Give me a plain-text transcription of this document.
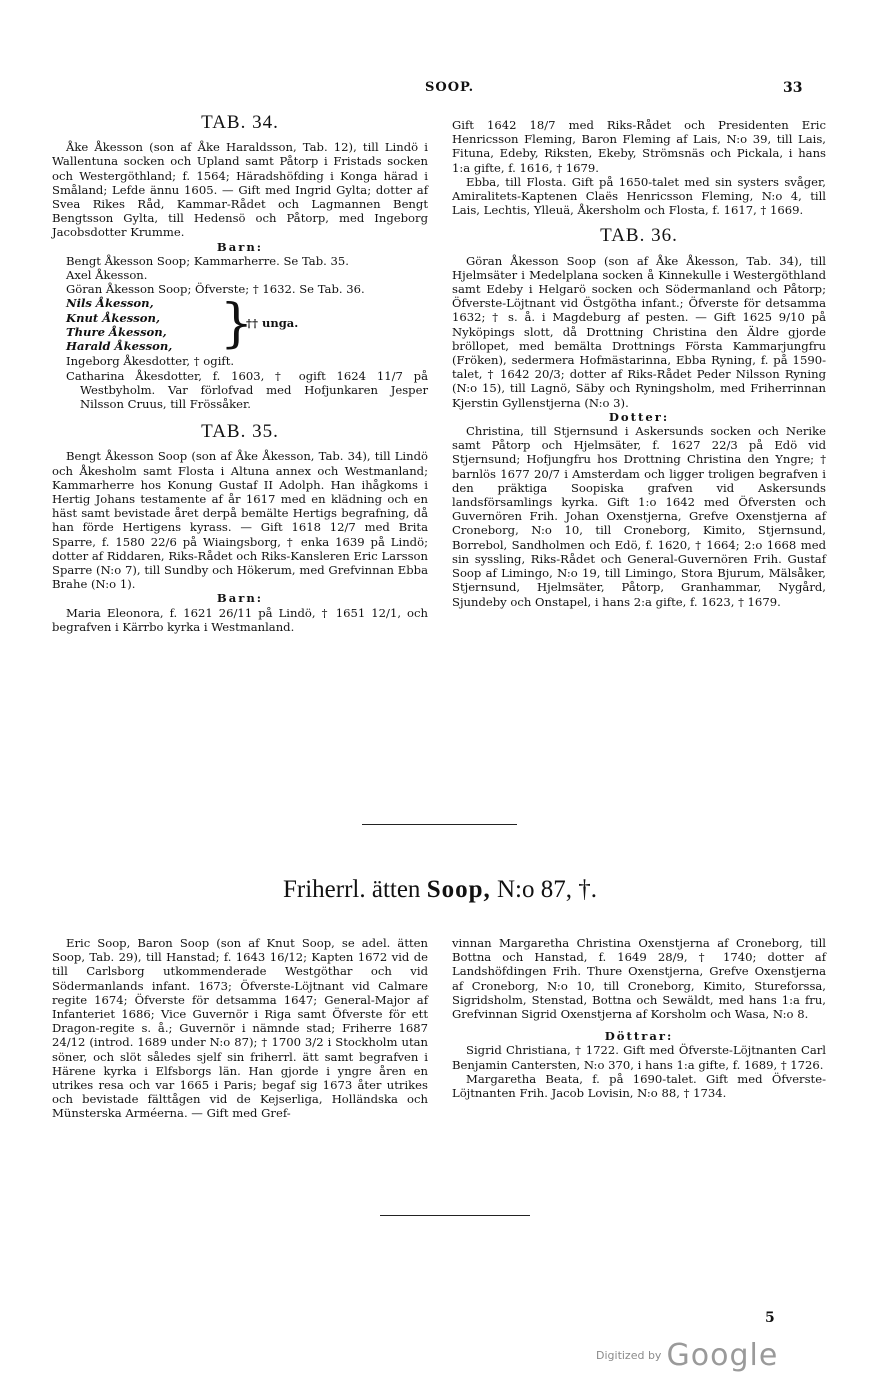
SOOP.	33
TAB. 34.

Åke Åkesson (son af Åke Haraldsson, Tab. 12), till Lindö i Wallentuna socken och Upland samt Påtorp i Fristads socken och Westergöthland; f. 1564; Häradshöfding i Konga härad i Småland; Lefde ännu 1605. — Gift med Ingrid Gylta; dotter af Svea Rikes Råd, Kammar-Rådet och Lagmannen Bengt Bengtsson Gylta, till Hedensö och Påtorp, med Ingeborg Jacobsdotter Krumme.

Barn:

Bengt Åkesson Soop; Kammarherre. Se Tab. 35.

Axel Åkesson.

Göran Åkesson Soop; Öfverste; † 1632. Se Tab. 36.

Nils Åkesson,
Knut Åkesson,
Thure Åkesson,
Harald Åkesson, }
†† unga.

Ingeborg Åkesdotter, † ogift.

Catharina Åkesdotter, f. 1603, † ogift 1624 11/7 på Westbyholm. Var förlofvad med Hofjunkaren Jesper Nilsson Cruus, till Frössåker.

TAB. 35.

Bengt Åkesson Soop (son af Åke Åkesson, Tab. 34), till Lindö och Åkesholm samt Flosta i Altuna annex och Westmanland; Kammarherre hos Konung Gustaf II Adolph. Han ihågkoms i Hertig Johans testamente af år 1617 med en klädning och en häst samt bevistade året derpå bemälte Hertigs begrafning, då han förde Hertigens kyrass. — Gift 1618 12/7 med Brita Sparre, f. 1580 22/6 på Wiaingsborg, † enka 1639 på Lindö; dotter af Riddaren, Riks-Rådet och Riks-Kansleren Eric Larsson Sparre (N:o 7), till Sundby och Hökerum, med Grefvinnan Ebba Brahe (N:o 1).

Barn:

Maria Eleonora, f. 1621 26/11 på Lindö, † 1651 12/1, och begrafven i Kärrbo kyrka i Westmanland.

Gift 1642 18/7 med Riks-Rådet och Presidenten Eric Henricsson Fleming, Baron Fleming af Lais, N:o 39, till Lais, Fituna, Edeby, Riksten, Ekeby, Strömsnäs och Pickala, i hans 1:a gifte, f. 1616, † 1679.

Ebba, till Flosta. Gift på 1650-talet med sin systers svåger, Amiralitets-Kaptenen Claës Henricsson Fleming, N:o 4, till Lais, Lechtis, Ylleuä, Åkersholm och Flosta, f. 1617, † 1669.

TAB. 36.

Göran Åkesson Soop (son af Åke Åkesson, Tab. 34), till Hjelmsäter i Medelplana socken å Kinnekulle i Westergöthland samt Edeby i Helgarö socken och Södermanland och Påtorp; Öfverste-Löjtnant vid Östgötha infant.; Öfverste för detsamma 1632; † s. å. i Magdeburg af pesten. — Gift 1625 9/10 på Nyköpings slott, då Drottning Christina den Äldre gjorde bröllopet, med bemälta Drottnings Första Kammarjungfru (Fröken), sedermera Hofmästarinna, Ebba Ryning, f. på 1590-talet, † 1642 20/3; dotter af Riks-Rådet Peder Nilsson Ryning (N:o 15), till Lagnö, Säby och Ryningsholm, med Friherrinnan Kjerstin Gyllenstjerna (N:o 3).

Dotter:

Christina, till Stjernsund i Askersunds socken och Nerike samt Påtorp och Hjelmsäter, f. 1627 22/3 på Edö vid Stjernsund; Hofjungfru hos Drottning Christina den Yngre; † barnlös 1677 20/7 i Amsterdam och ligger troligen begrafven i den präktiga Soopiska grafven vid Askersunds landsförsamlings kyrka. Gift 1:o 1642 med Öfversten och Guvernören Frih. Johan Oxenstjerna, Grefve Oxenstjerna af Croneborg, N:o 10, till Croneborg, Kimito, Stjernsund, Borrebol, Sandholmen och Edö, f. 1620, † 1664; 2:o 1668 med sin syssling, Riks-Rådet och General-Guvernören Frih. Gustaf Soop af Limingo, N:o 19, till Limingo, Stora Bjurum, Mälsåker, Stjernsund, Hjelmsäter, Påtorp, Granhammar, Nygård, Sjundeby och Onstapel, i hans 2:a gifte, f. 1623, † 1679.

Friherrl. ätten Soop, N:o 87, †.

Eric Soop, Baron Soop (son af Knut Soop, se adel. ätten Soop, Tab. 29), till Hanstad; f. 1643 16/12; Kapten 1672 vid de till Carlsborg utkommenderade Westgöthar och vid Södermanlands infant. 1673; Öfverste-Löjtnant vid Calmare regite 1674; Öfverste för detsamma 1647; General-Major af Infanteriet 1686; Vice Guvernör i Riga samt Öfverste för ett Dragon-regite s. å.; Guvernör i nämnde stad; Friherre 1687 24/12 (introd. 1689 under N:o 87); † 1700 3/2 i Stockholm utan söner, och slöt således sjelf sin friherrl. ätt samt begrafven i Härene kyrka i Elfsborgs län. Han gjorde i yngre åren en utrikes resa och var 1665 i Paris; begaf sig 1673 åter utrikes och bevistade fälttågen vid de Kejserliga, Holländska och Münsterska Arméerna. — Gift med Gref-

vinnan Margaretha Christina Oxenstjerna af Croneborg, till Bottna och Hanstad, f. 1649 28/9, † 1740; dotter af Landshöfdingen Frih. Thure Oxenstjerna, Grefve Oxenstjerna af Croneborg, N:o 10, till Croneborg, Kimito, Stureforssa, Sigridsholm, Stenstad, Bottna och Sewäldt, med hans 1:a fru, Grefvinnan Sigrid Oxenstjerna af Korsholm och Wasa, N:o 8.

Döttrar:

Sigrid Christiana, † 1722. Gift med Öfverste-Löjtnanten Carl Benjamin Cantersten, N:o 370, i hans 1:a gifte, f. 1689, † 1726.

Margaretha Beata, f. på 1690-talet. Gift med Öfverste-Löjtnanten Frih. Jacob Lovisin, N:o 88, † 1734.

5
Digitized by Google
